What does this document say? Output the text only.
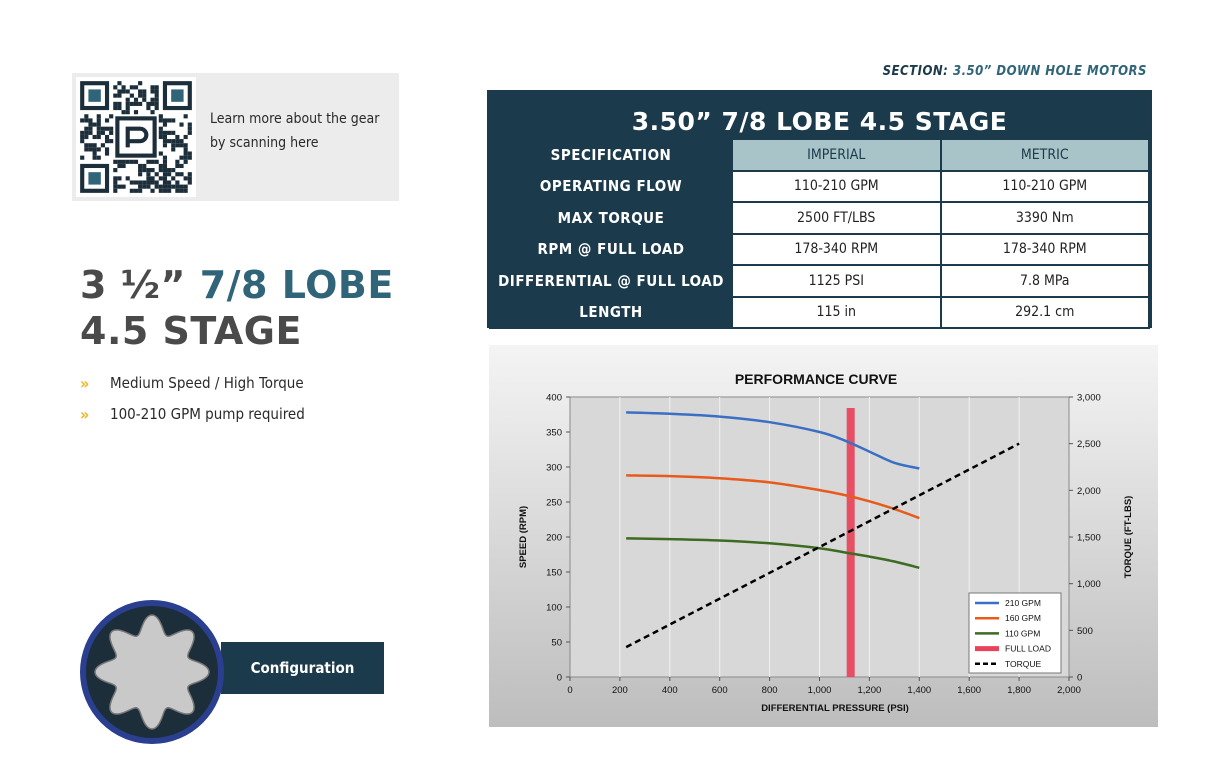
SECTION: 3.50” DOWN HOLE MOTORS
Learn more about the gear
by scanning here
3 ½” 7/8 LOBE
4.5 STAGE
»	Medium Speed / High Torque
»	100-210 GPM pump required
Configuration
3.50” 7/8 LOBE 4.5 STAGE
SPECIFICATION	IMPERIAL	METRIC
OPERATING FLOW	110-210 GPM	110-210 GPM
MAX TORQUE	2500 FT/LBS	3390 Nm
RPM @ FULL LOAD	178-340 RPM	178-340 RPM
DIFFERENTIAL @ FULL LOAD	1125 PSI	7.8 MPa
LENGTH	115 in	292.1 cm
0	200	400	600	800	1,000	1,200	1,400	1,600	1,800	2,000
0
50
100
150
200
250
300
350
400
0
500
1,000
1,500
2,000
2,500
3,000
PERFORMANCE CURVE
DIFFERENTIAL PRESSURE (PSI)
SPEED (RPM)	TORQUE (FT-LBS)
210 GPM
160 GPM
110 GPM
FULL LOAD
TORQUE
